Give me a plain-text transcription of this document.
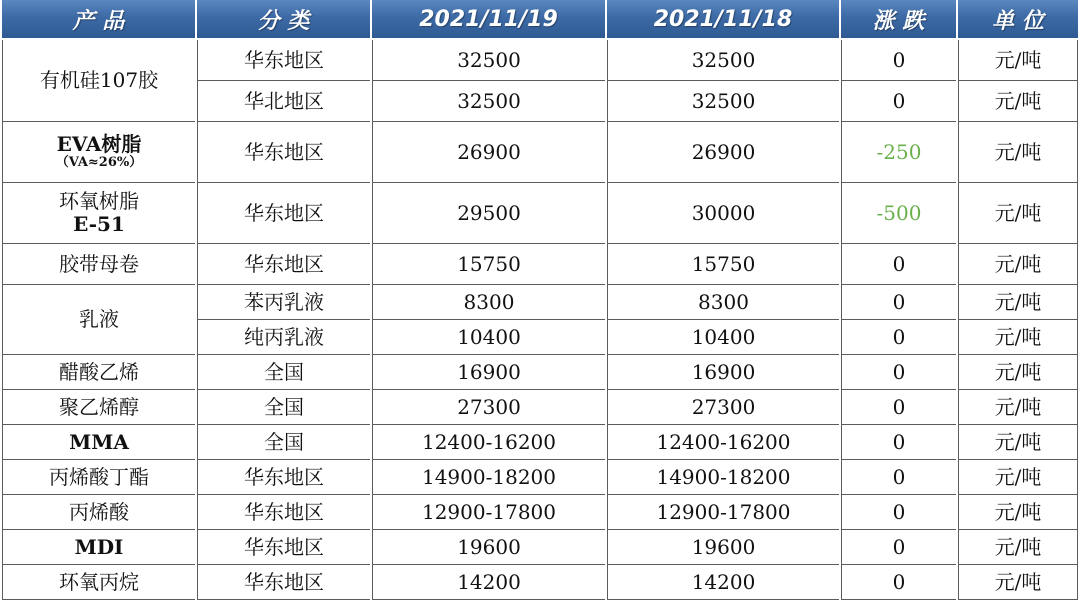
产 品	分 类	2021/11/19	2021/11/18	涨 跌	单 位
有机硅107胶	华东地区	32500	32500	0	元/吨
	华北地区	32500	32500	0	元/吨

EVA树脂
（VA≈26%）	华东地区	26900	26900	-250	元/吨

环氧树脂
E-51	华东地区	29500	30000	-500	元/吨
胶带母卷	华东地区	15750	15750	0	元/吨
乳液	苯丙乳液	8300	8300	0	元/吨
	纯丙乳液	10400	10400	0	元/吨
醋酸乙烯	全国	16900	16900	0	元/吨
聚乙烯醇	全国	27300	27300	0	元/吨
MMA	全国	12400-16200	12400-16200	0	元/吨
丙烯酸丁酯	华东地区	14900-18200	14900-18200	0	元/吨
丙烯酸	华东地区	12900-17800	12900-17800	0	元/吨
MDI	华东地区	19600	19600	0	元/吨
环氧丙烷	华东地区	14200	14200	0	元/吨
